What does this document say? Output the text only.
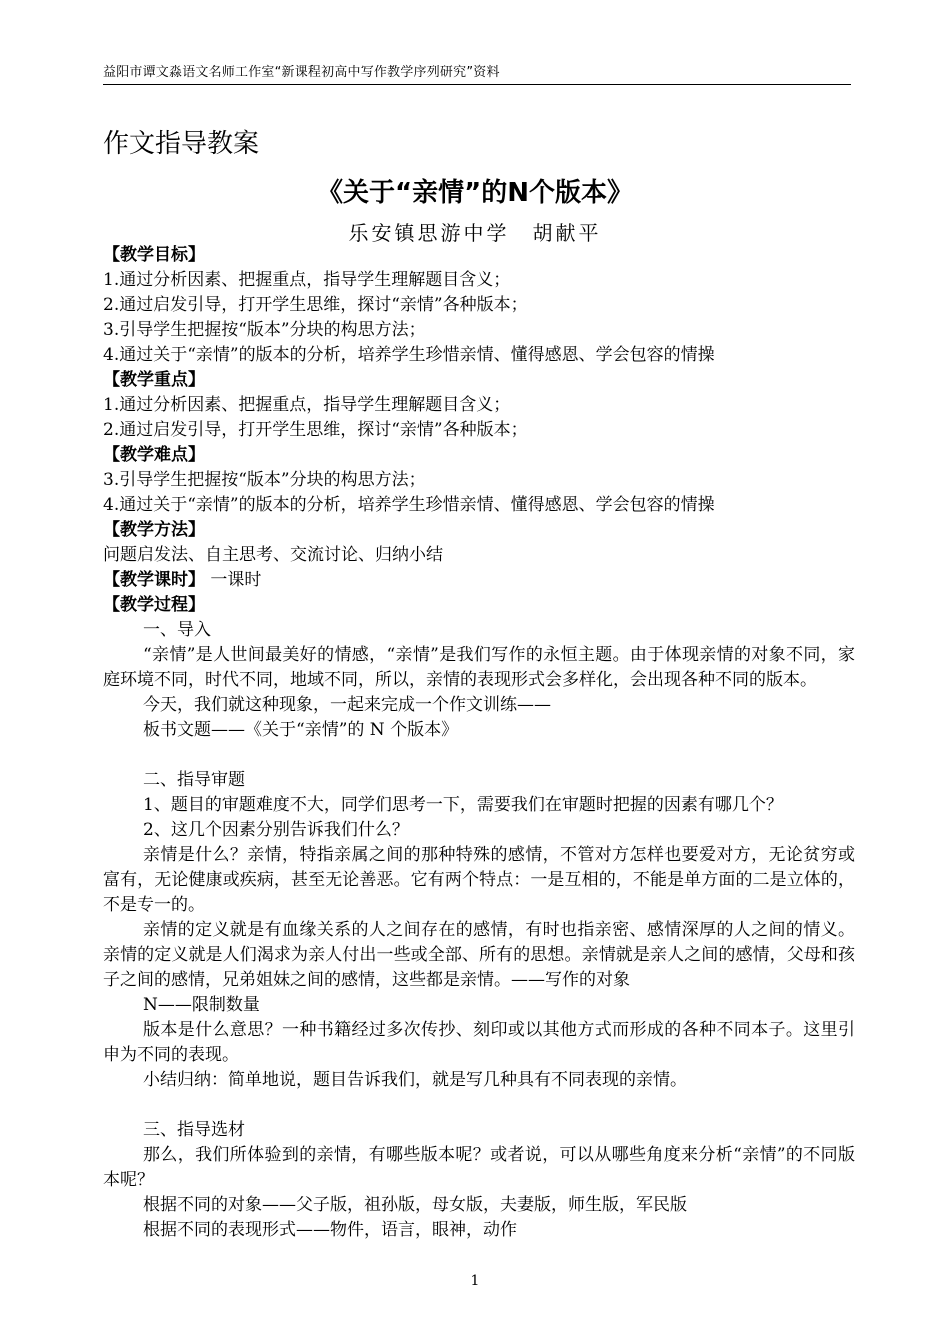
益阳市谭文淼语文名师工作室“新课程初高中写作教学序列研究”资料
作文指导教案
《关于“亲情”的N个版本》
乐安镇思游中学　胡献平

【教学目标】

1.通过分析因素、把握重点，指导学生理解题目含义；

2.通过启发引导，打开学生思维，探讨“亲情”各种版本；

3.引导学生把握按“版本”分块的构思方法；

4.通过关于“亲情”的版本的分析，培养学生珍惜亲情、懂得感恩、学会包容的情操

【教学重点】

1.通过分析因素、把握重点，指导学生理解题目含义；

2.通过启发引导，打开学生思维，探讨“亲情”各种版本；

【教学难点】

3.引导学生把握按“版本”分块的构思方法；

4.通过关于“亲情”的版本的分析，培养学生珍惜亲情、懂得感恩、学会包容的情操

【教学方法】

问题启发法、自主思考、交流讨论、归纳小结

【教学课时】 一课时

【教学过程】

一、导入

“亲情”是人世间最美好的情感，“亲情”是我们写作的永恒主题。由于体现亲情的对象不同，家庭环境不同，时代不同，地域不同，所以，亲情的表现形式会多样化，会出现各种不同的版本。

今天，我们就这种现象，一起来完成一个作文训练——

板书文题——《关于“亲情”的 N 个版本》

二、指导审题

1、题目的审题难度不大，同学们思考一下，需要我们在审题时把握的因素有哪几个？

2、这几个因素分别告诉我们什么？

亲情是什么？亲情，特指亲属之间的那种特殊的感情，不管对方怎样也要爱对方，无论贫穷或富有，无论健康或疾病，甚至无论善恶。它有两个特点：一是互相的，不能是单方面的二是立体的，不是专一的。

亲情的定义就是有血缘关系的人之间存在的感情，有时也指亲密、感情深厚的人之间的情义。亲情的定义就是人们渴求为亲人付出一些或全部、所有的思想。亲情就是亲人之间的感情，父母和孩子之间的感情，兄弟姐妹之间的感情，这些都是亲情。——写作的对象

N——限制数量

版本是什么意思？一种书籍经过多次传抄、刻印或以其他方式而形成的各种不同本子。这里引申为不同的表现。

小结归纳：简单地说，题目告诉我们，就是写几种具有不同表现的亲情。

三、指导选材

那么，我们所体验到的亲情，有哪些版本呢？或者说，可以从哪些角度来分析“亲情”的不同版本呢？

根据不同的对象——父子版，祖孙版，母女版，夫妻版，师生版，军民版

根据不同的表现形式——物件，语言，眼神，动作

1
